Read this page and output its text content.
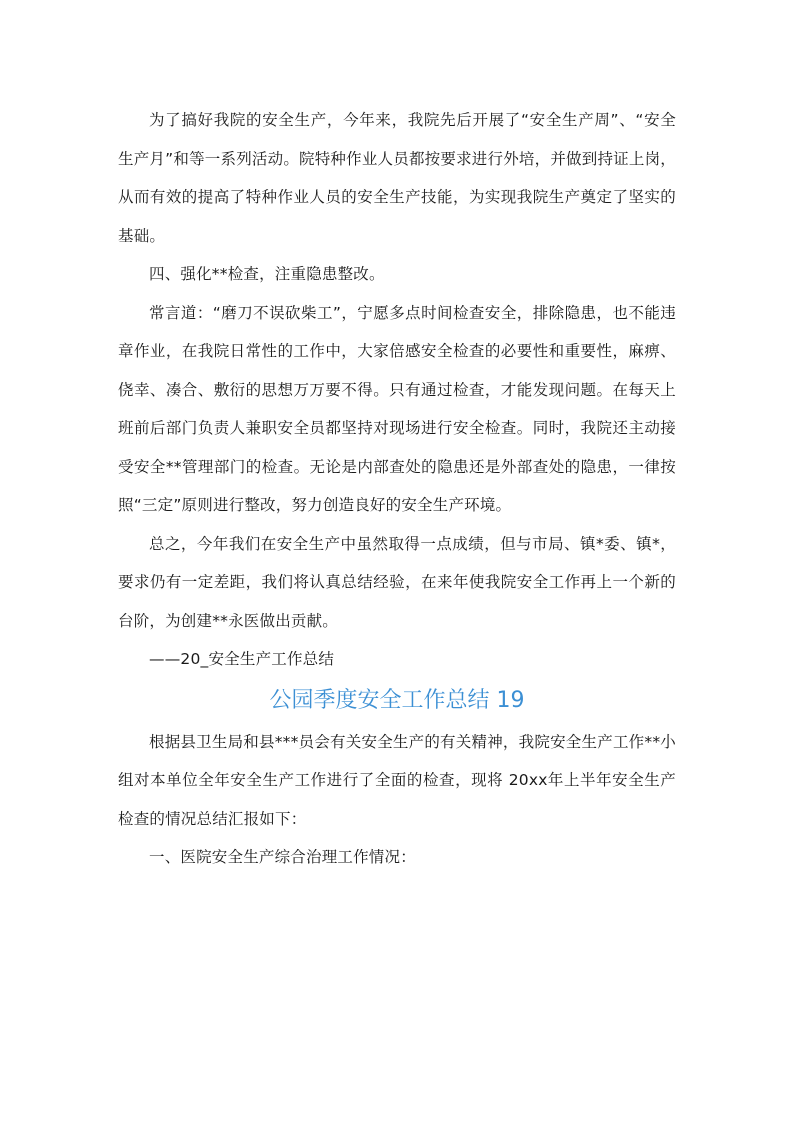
为了搞好我院的安全生产，今年来，我院先后开展了“安全生产周”、“安全生产月”和等一系列活动。院特种作业人员都按要求进行外培，并做到持证上岗，从而有效的提高了特种作业人员的安全生产技能，为实现我院生产奠定了坚实的基础。

四、强化**检查，注重隐患整改。

常言道：“磨刀不误砍柴工”，宁愿多点时间检查安全，排除隐患，也不能违章作业，在我院日常性的工作中，大家倍感安全检查的必要性和重要性，麻痹、侥幸、凑合、敷衍的思想万万要不得。只有通过检查，才能发现问题。在每天上班前后部门负责人兼职安全员都坚持对现场进行安全检查。同时，我院还主动接受安全**管理部门的检查。无论是内部查处的隐患还是外部查处的隐患，一律按照“三定”原则进行整改，努力创造良好的安全生产环境。

总之，今年我们在安全生产中虽然取得一点成绩，但与市局、镇*委、镇*，要求仍有一定差距，我们将认真总结经验，在来年使我院安全工作再上一个新的台阶，为创建**永医做出贡献。

——20_安全生产工作总结

公园季度安全工作总结 19

根据县卫生局和县***员会有关安全生产的有关精神，我院安全生产工作**小组对本单位全年安全生产工作进行了全面的检查，现将 20xx年上半年安全生产检查的情况总结汇报如下：

一、医院安全生产综合治理工作情况：
